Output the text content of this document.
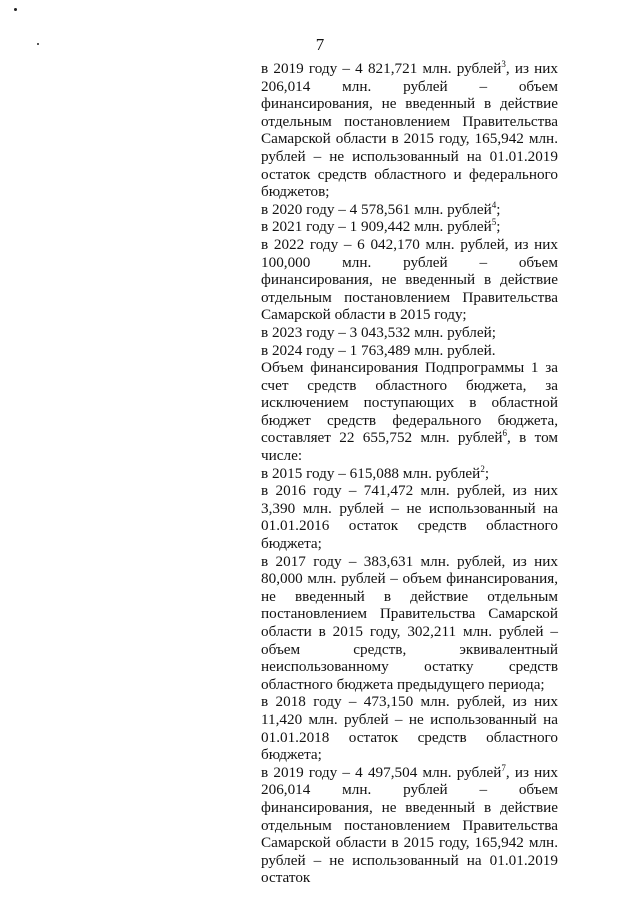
7

в 2019 году – 4 821,721 млн. рублей$^3$, из них 206,014 млн. рублей – объем финансирования, не введенный в действие отдельным постановлением Правительства Самарской области в 2015 году, 165,942 млн. рублей – не использованный на 01.01.2019 остаток средств областного и федерального бюджетов;

в 2020 году – 4 578,561 млн. рублей$^4$;

в 2021 году – 1 909,442 млн. рублей$^5$;

в 2022 году – 6 042,170 млн. рублей, из них 100,000 млн. рублей – объем финансирования, не введенный в действие отдельным постановлением Правительства Самарской области в 2015 году;

в 2023 году – 3 043,532 млн. рублей;

в 2024 году – 1 763,489 млн. рублей.

Объем финансирования Подпрограммы 1 за счет средств областного бюджета, за исключением поступающих в областной бюджет средств федерального бюджета, составляет 22 655,752 млн. рублей$^6$, в том числе:

в 2015 году – 615,088 млн. рублей$^2$;

в 2016 году – 741,472 млн. рублей, из них 3,390 млн. рублей – не использованный на 01.01.2016 остаток средств областного бюджета;

в 2017 году – 383,631 млн. рублей, из них 80,000 млн. рублей – объем финансирования, не введенный в действие отдельным постановлением Правительства Самарской области в 2015 году, 302,211 млн. рублей – объем средств, эквивалентный неиспользованному остатку средств областного бюджета предыдущего периода;

в 2018 году – 473,150 млн. рублей, из них 11,420 млн. рублей – не использованный на 01.01.2018 остаток средств областного бюджета;

в 2019 году – 4 497,504 млн. рублей$^7$, из них 206,014 млн. рублей – объем финансирования, не введенный в действие отдельным постановлением Правительства Самарской области в 2015 году, 165,942 млн. рублей – не использованный на 01.01.2019 остаток
